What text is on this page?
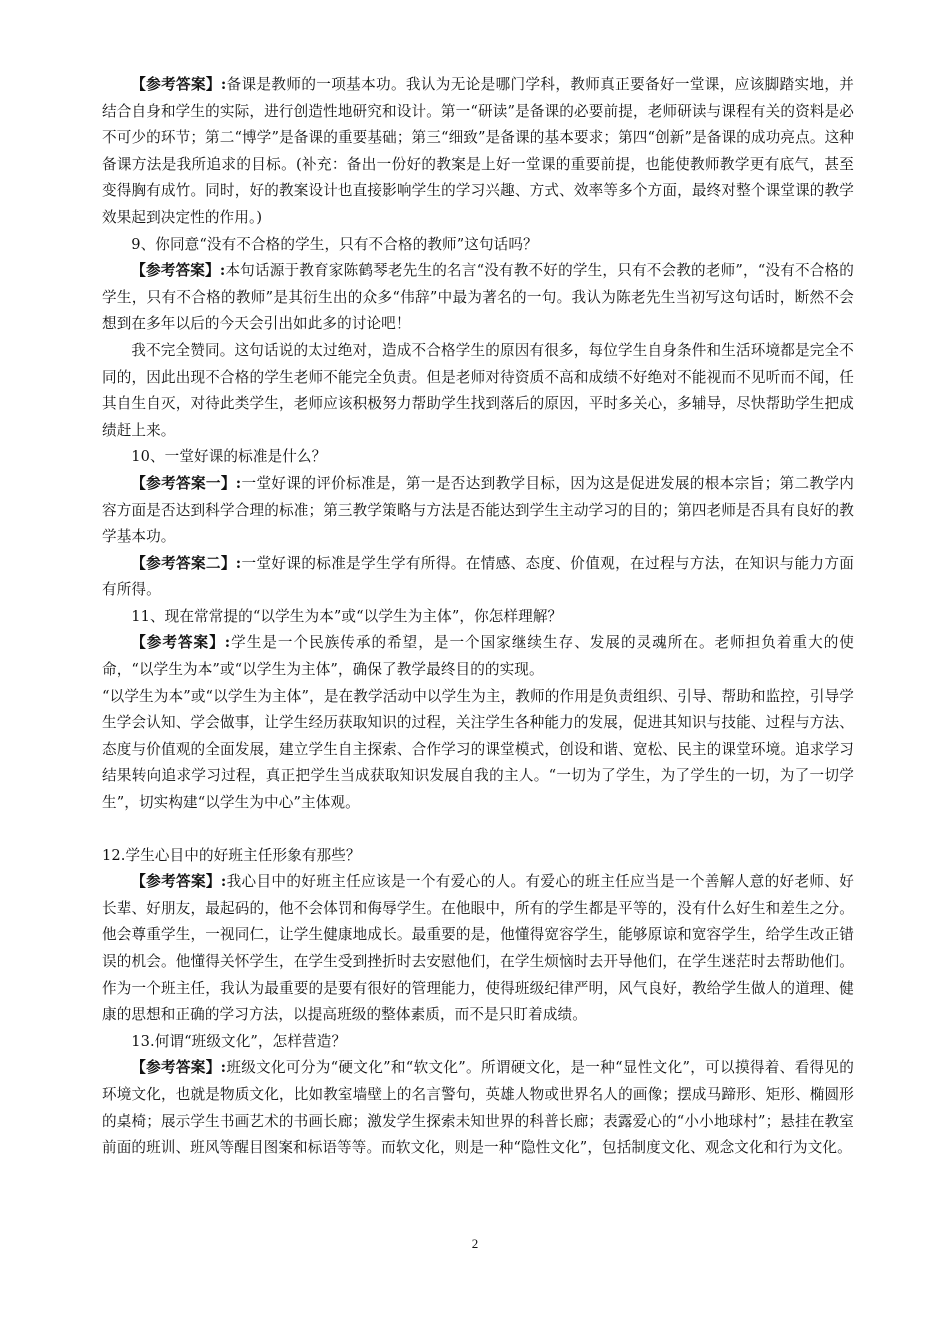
【参考答案】:备课是教师的一项基本功。我认为无论是哪门学科，教师真正要备好一堂课，应该脚踏实地，并结合自身和学生的实际，进行创造性地研究和设计。第一“研读”是备课的必要前提，老师研读与课程有关的资料是必不可少的环节；第二“博学”是备课的重要基础；第三“细致”是备课的基本要求；第四“创新”是备课的成功亮点。这种备课方法是我所追求的目标。(补充：备出一份好的教案是上好一堂课的重要前提，也能使教师教学更有底气，甚至变得胸有成竹。同时，好的教案设计也直接影响学生的学习兴趣、方式、效率等多个方面，最终对整个课堂课的教学效果起到决定性的作用。)

9、你同意“没有不合格的学生，只有不合格的教师”这句话吗？

【参考答案】:本句话源于教育家陈鹤琴老先生的名言“没有教不好的学生，只有不会教的老师”，“没有不合格的学生，只有不合格的教师”是其衍生出的众多“伟辞”中最为著名的一句。我认为陈老先生当初写这句话时，断然不会想到在多年以后的今天会引出如此多的讨论吧！

我不完全赞同。这句话说的太过绝对，造成不合格学生的原因有很多，每位学生自身条件和生活环境都是完全不同的，因此出现不合格的学生老师不能完全负责。但是老师对待资质不高和成绩不好绝对不能视而不见听而不闻，任其自生自灭，对待此类学生，老师应该积极努力帮助学生找到落后的原因，平时多关心，多辅导，尽快帮助学生把成绩赶上来。

10、一堂好课的标准是什么？

【参考答案一】:一堂好课的评价标准是，第一是否达到教学目标，因为这是促进发展的根本宗旨；第二教学内容方面是否达到科学合理的标准；第三教学策略与方法是否能达到学生主动学习的目的；第四老师是否具有良好的教学基本功。

【参考答案二】:一堂好课的标准是学生学有所得。在情感、态度、价值观，在过程与方法，在知识与能力方面有所得。

11、现在常常提的“以学生为本”或“以学生为主体”，你怎样理解？

【参考答案】:学生是一个民族传承的希望，是一个国家继续生存、发展的灵魂所在。老师担负着重大的使命，“以学生为本”或“以学生为主体”，确保了教学最终目的的实现。

“以学生为本”或“以学生为主体”，是在教学活动中以学生为主，教师的作用是负责组织、引导、帮助和监控，引导学生学会认知、学会做事，让学生经历获取知识的过程，关注学生各种能力的发展，促进其知识与技能、过程与方法、态度与价值观的全面发展，建立学生自主探索、合作学习的课堂模式，创设和谐、宽松、民主的课堂环境。追求学习结果转向追求学习过程，真正把学生当成获取知识发展自我的主人。“一切为了学生，为了学生的一切，为了一切学生”，切实构建“以学生为中心”主体观。

12.学生心目中的好班主任形象有那些？

【参考答案】:我心目中的好班主任应该是一个有爱心的人。有爱心的班主任应当是一个善解人意的好老师、好长辈、好朋友，最起码的，他不会体罚和侮辱学生。在他眼中，所有的学生都是平等的，没有什么好生和差生之分。他会尊重学生，一视同仁，让学生健康地成长。最重要的是，他懂得宽容学生，能够原谅和宽容学生，给学生改正错误的机会。他懂得关怀学生，在学生受到挫折时去安慰他们，在学生烦恼时去开导他们，在学生迷茫时去帮助他们。作为一个班主任，我认为最重要的是要有很好的管理能力，使得班级纪律严明，风气良好，教给学生做人的道理、健康的思想和正确的学习方法，以提高班级的整体素质，而不是只盯着成绩。

13.何谓“班级文化”，怎样营造？

【参考答案】:班级文化可分为“硬文化”和“软文化”。所谓硬文化，是一种“显性文化”，可以摸得着、看得见的环境文化，也就是物质文化，比如教室墙壁上的名言警句，英雄人物或世界名人的画像；摆成马蹄形、矩形、椭圆形的桌椅；展示学生书画艺术的书画长廊；激发学生探索未知世界的科普长廊；表露爱心的“小小地球村”；悬挂在教室前面的班训、班风等醒目图案和标语等等。而软文化，则是一种“隐性文化”，包括制度文化、观念文化和行为文化。

2
